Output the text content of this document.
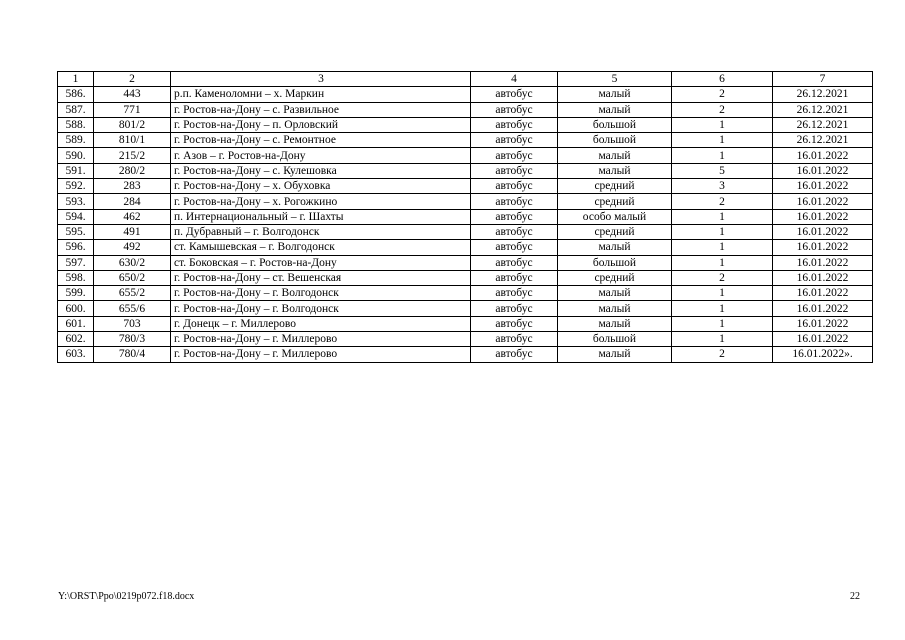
1	2	3	4	5	6	7
586.	443	р.п. Каменоломни – х. Маркин	автобус	малый	2	26.12.2021
587.	771	г. Ростов-на-Дону – с. Развильное	автобус	малый	2	26.12.2021
588.	801/2	г. Ростов-на-Дону – п. Орловский	автобус	большой	1	26.12.2021
589.	810/1	г. Ростов-на-Дону – с. Ремонтное	автобус	большой	1	26.12.2021
590.	215/2	г. Азов – г. Ростов-на-Дону	автобус	малый	1	16.01.2022
591.	280/2	г. Ростов-на-Дону – с. Кулешовка	автобус	малый	5	16.01.2022
592.	283	г. Ростов-на-Дону – х. Обуховка	автобус	средний	3	16.01.2022
593.	284	г. Ростов-на-Дону – х. Рогожкино	автобус	средний	2	16.01.2022
594.	462	п. Интернациональный – г. Шахты	автобус	особо малый	1	16.01.2022
595.	491	п. Дубравный – г. Волгодонск	автобус	средний	1	16.01.2022
596.	492	ст. Камышевская – г. Волгодонск	автобус	малый	1	16.01.2022
597.	630/2	ст. Боковская – г. Ростов-на-Дону	автобус	большой	1	16.01.2022
598.	650/2	г. Ростов-на-Дону – ст. Вешенская	автобус	средний	2	16.01.2022
599.	655/2	г. Ростов-на-Дону – г. Волгодонск	автобус	малый	1	16.01.2022
600.	655/6	г. Ростов-на-Дону – г. Волгодонск	автобус	малый	1	16.01.2022
601.	703	г. Донецк – г. Миллерово	автобус	малый	1	16.01.2022
602.	780/3	г. Ростов-на-Дону – г. Миллерово	автобус	большой	1	16.01.2022
603.	780/4	г. Ростов-на-Дону – г. Миллерово	автобус	малый	2	16.01.2022».
Y:\ORST\Ppo\0219p072.f18.docx	22
